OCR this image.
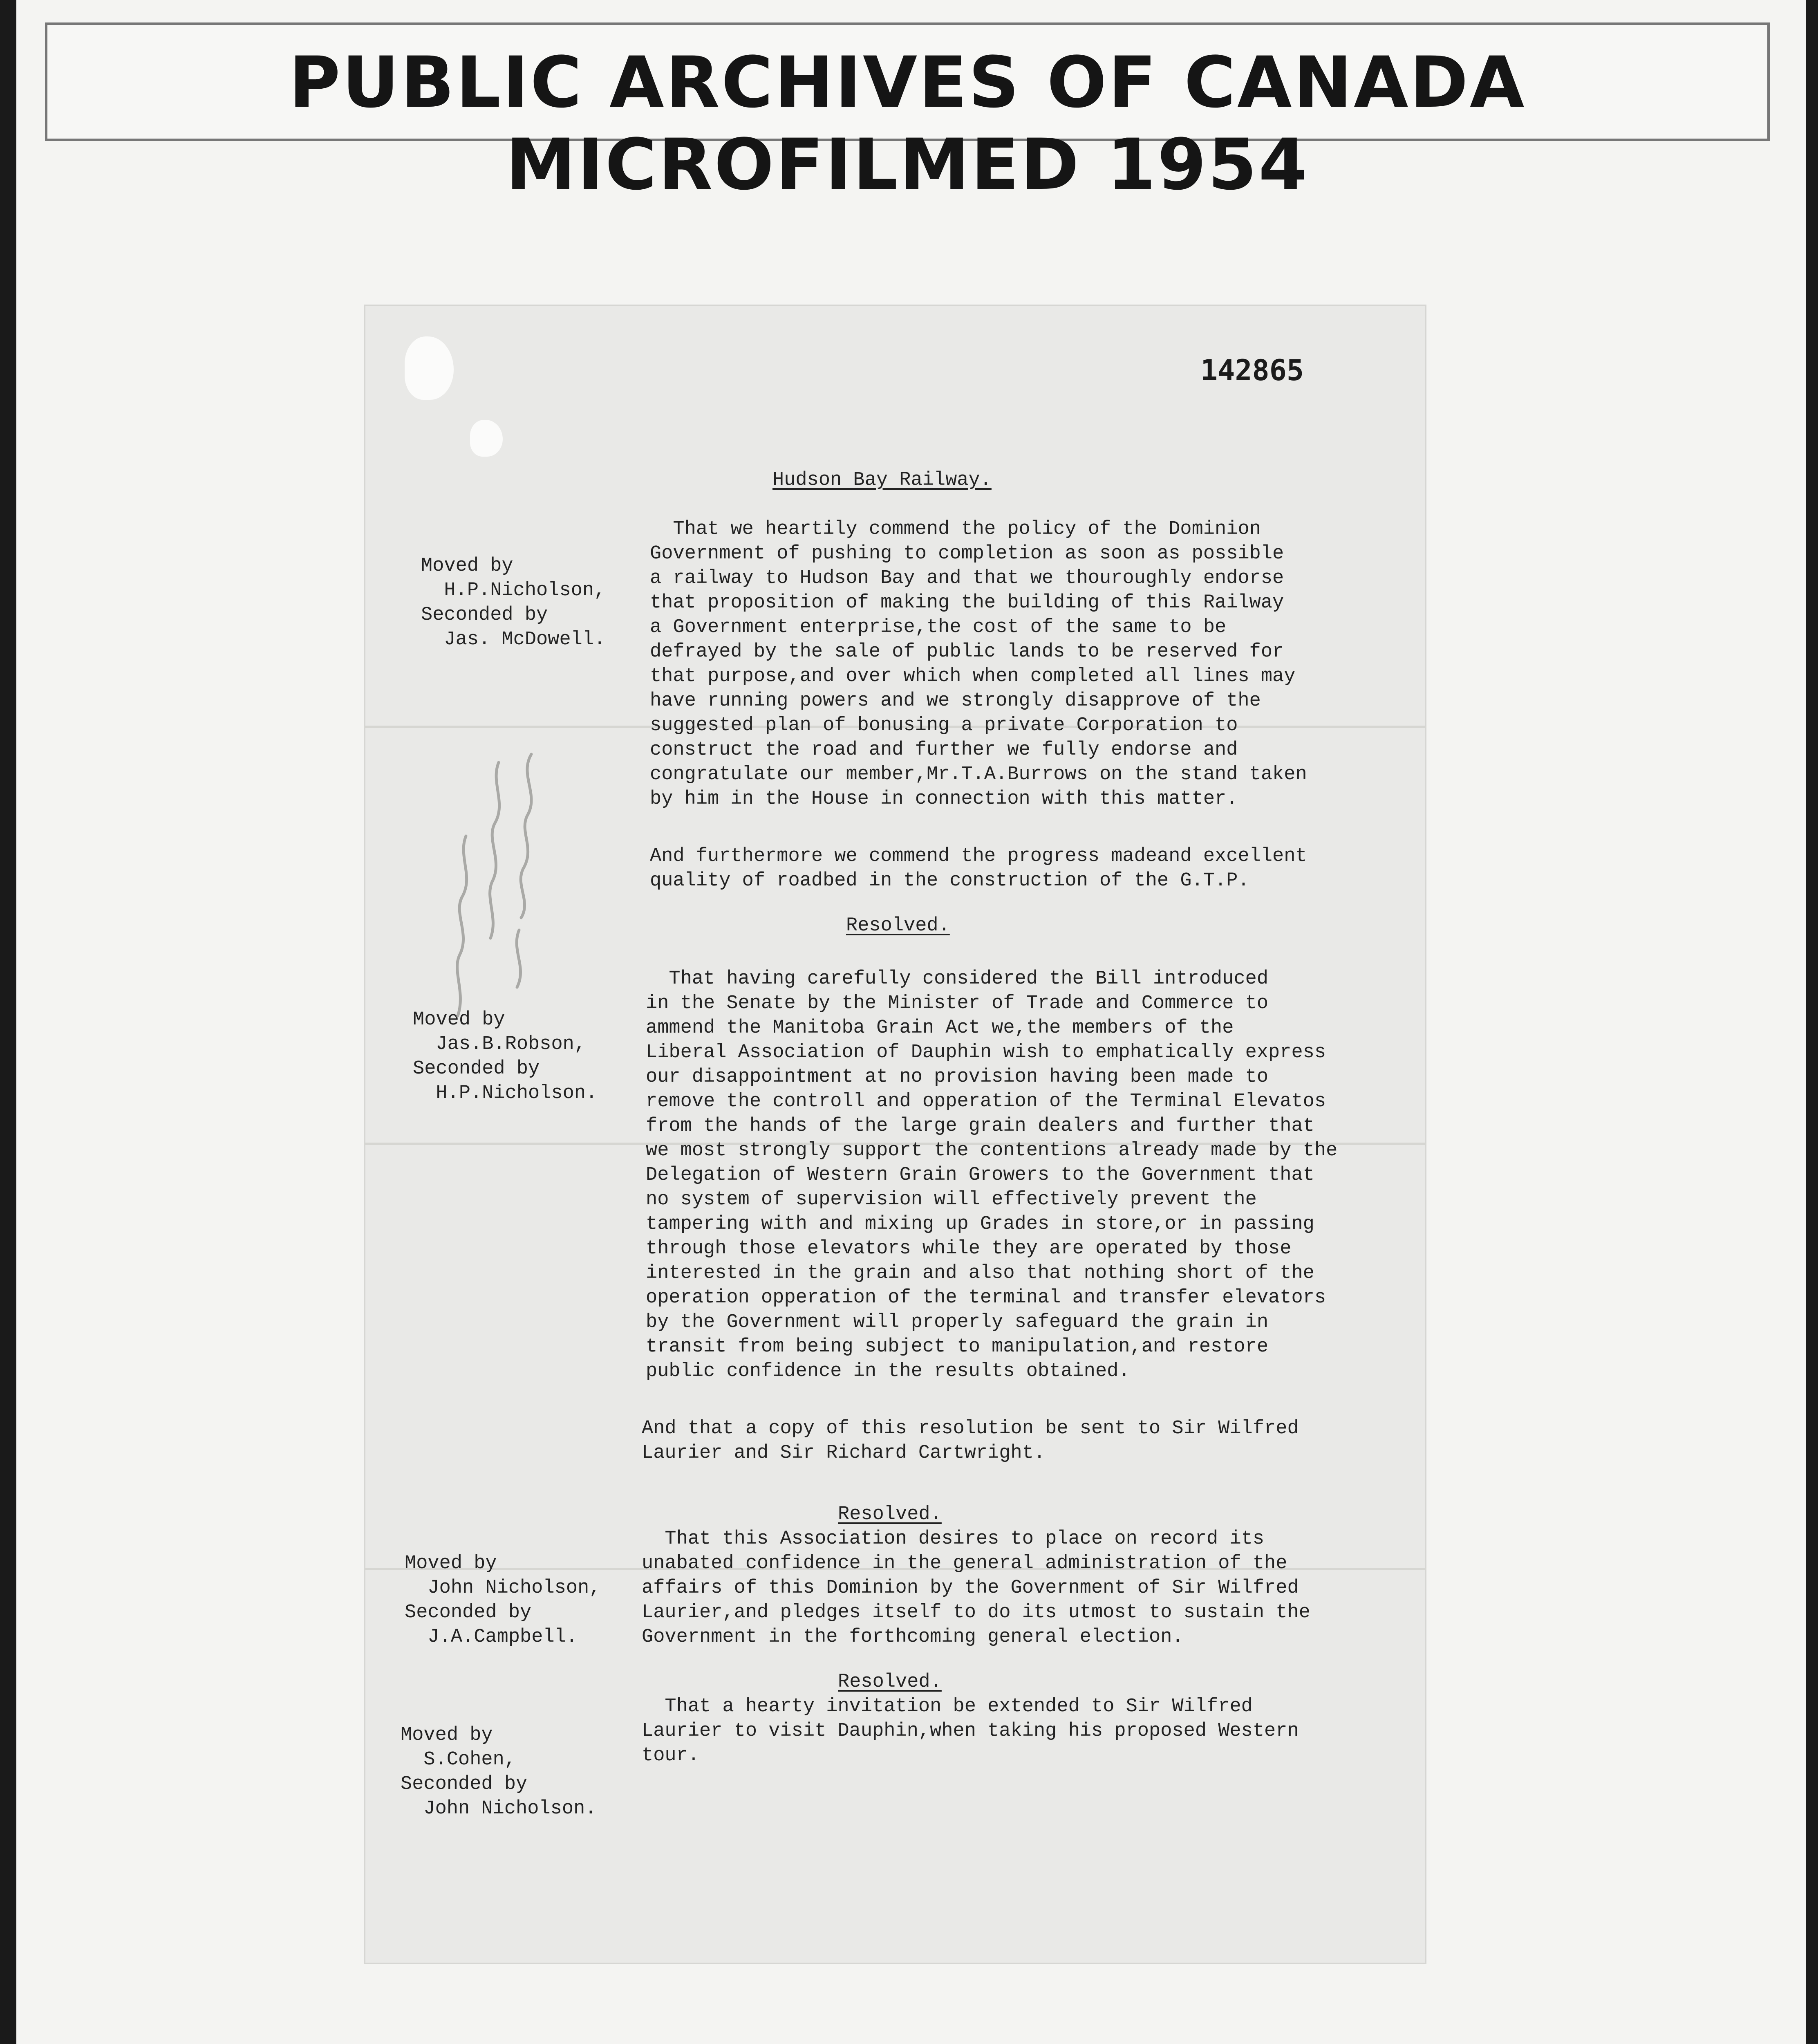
PUBLIC ARCHIVES OF CANADA MICROFILMED 1954
142865
Hudson Bay Railway.
Moved by
H.P.Nicholson,
Seconded by
Jas. McDowell.
That we heartily commend the policy of the Dominion
Government of pushing to completion as soon as possible
a railway to Hudson Bay and that we thouroughly endorse
that proposition of making the building of this Railway
a Government enterprise,the cost of the same to be
defrayed by the sale of public lands to be reserved for
that purpose,and over which when completed all lines may
have running powers and we strongly disapprove of the
suggested plan of bonusing a private Corporation to
construct the road and further we fully endorse and
congratulate our member,Mr.T.A.Burrows on the stand taken
by him in the House in connection with this matter.
And furthermore we commend the progress madeand excellent
quality of roadbed in the construction of the G.T.P.
Resolved.
Moved by
Jas.B.Robson,
Seconded by
H.P.Nicholson.
That having carefully considered the Bill introduced
in the Senate by the Minister of Trade and Commerce to
ammend the Manitoba Grain Act we,the members of the
Liberal Association of Dauphin wish to emphatically express
our disappointment at no provision having been made to
remove the controll and opperation of the Terminal Elevatos
from the hands of the large grain dealers and further that
we most strongly support the contentions already made by the
Delegation of Western Grain Growers to the Government that
no system of supervision will effectively prevent the
tampering with and mixing up Grades in store,or in passing
through those elevators while they are operated by those
interested in the grain and also that nothing short of the
operation opperation of the terminal and transfer elevators
by the Government will properly safeguard the grain in
transit from being subject to manipulation,and restore
public confidence in the results obtained.
And that a copy of this resolution be sent to Sir Wilfred
Laurier and Sir Richard Cartwright.
Resolved.
Moved by
John Nicholson,
Seconded by
J.A.Campbell.
That this Association desires to place on record its
unabated confidence in the general administration of the
affairs of this Dominion by the Government of Sir Wilfred
Laurier,and pledges itself to do its utmost to sustain the
Government in the forthcoming general election.
Resolved.
Moved by
S.Cohen,
Seconded by
John Nicholson.
That a hearty invitation be extended to Sir Wilfred
Laurier to visit Dauphin,when taking his proposed Western
tour.
